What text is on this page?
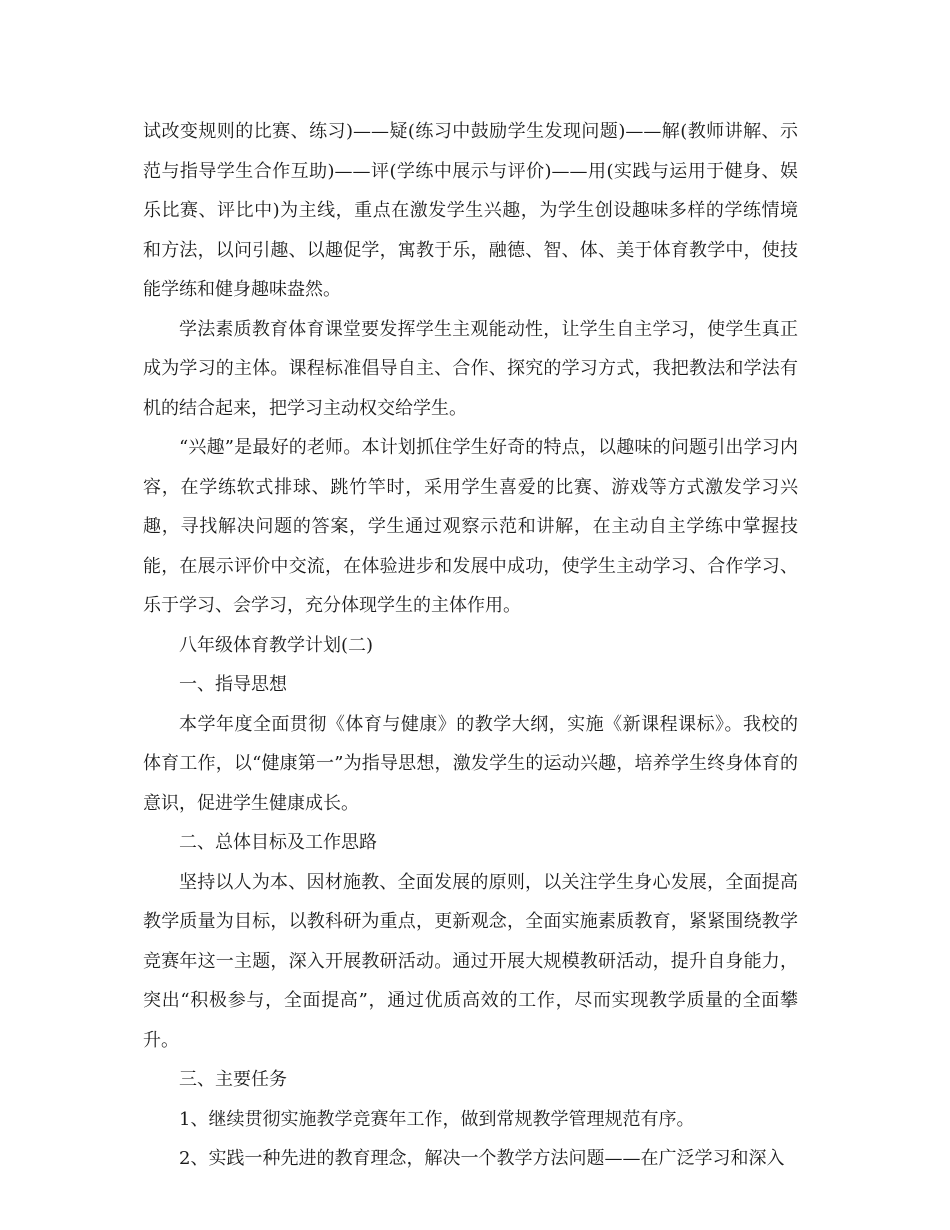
试改变规则的比赛、练习)——疑(练习中鼓励学生发现问题)——解(教师讲解、示范与指导学生合作互助)——评(学练中展示与评价)——用(实践与运用于健身、娱乐比赛、评比中)为主线，重点在激发学生兴趣，为学生创设趣味多样的学练情境和方法，以问引趣、以趣促学，寓教于乐，融德、智、体、美于体育教学中，使技能学练和健身趣味盎然。

学法素质教育体育课堂要发挥学生主观能动性，让学生自主学习，使学生真正成为学习的主体。课程标准倡导自主、合作、探究的学习方式，我把教法和学法有机的结合起来，把学习主动权交给学生。

“兴趣”是最好的老师。本计划抓住学生好奇的特点，以趣味的问题引出学习内容，在学练软式排球、跳竹竿时，采用学生喜爱的比赛、游戏等方式激发学习兴趣，寻找解决问题的答案，学生通过观察示范和讲解，在主动自主学练中掌握技能，在展示评价中交流，在体验进步和发展中成功，使学生主动学习、合作学习、乐于学习、会学习，充分体现学生的主体作用。

八年级体育教学计划(二)

一、指导思想

本学年度全面贯彻《体育与健康》的教学大纲，实施《新课程课标》。我校的体育工作，以“健康第一”为指导思想，激发学生的运动兴趣，培养学生终身体育的意识，促进学生健康成长。

二、总体目标及工作思路

坚持以人为本、因材施教、全面发展的原则，以关注学生身心发展，全面提高教学质量为目标，以教科研为重点，更新观念，全面实施素质教育，紧紧围绕教学竞赛年这一主题，深入开展教研活动。通过开展大规模教研活动，提升自身能力，突出“积极参与，全面提高”，通过优质高效的工作，尽而实现教学质量的全面攀升。

三、主要任务

1、继续贯彻实施教学竞赛年工作，做到常规教学管理规范有序。

2、实践一种先进的教育理念，解决一个教学方法问题——在广泛学习和深入
